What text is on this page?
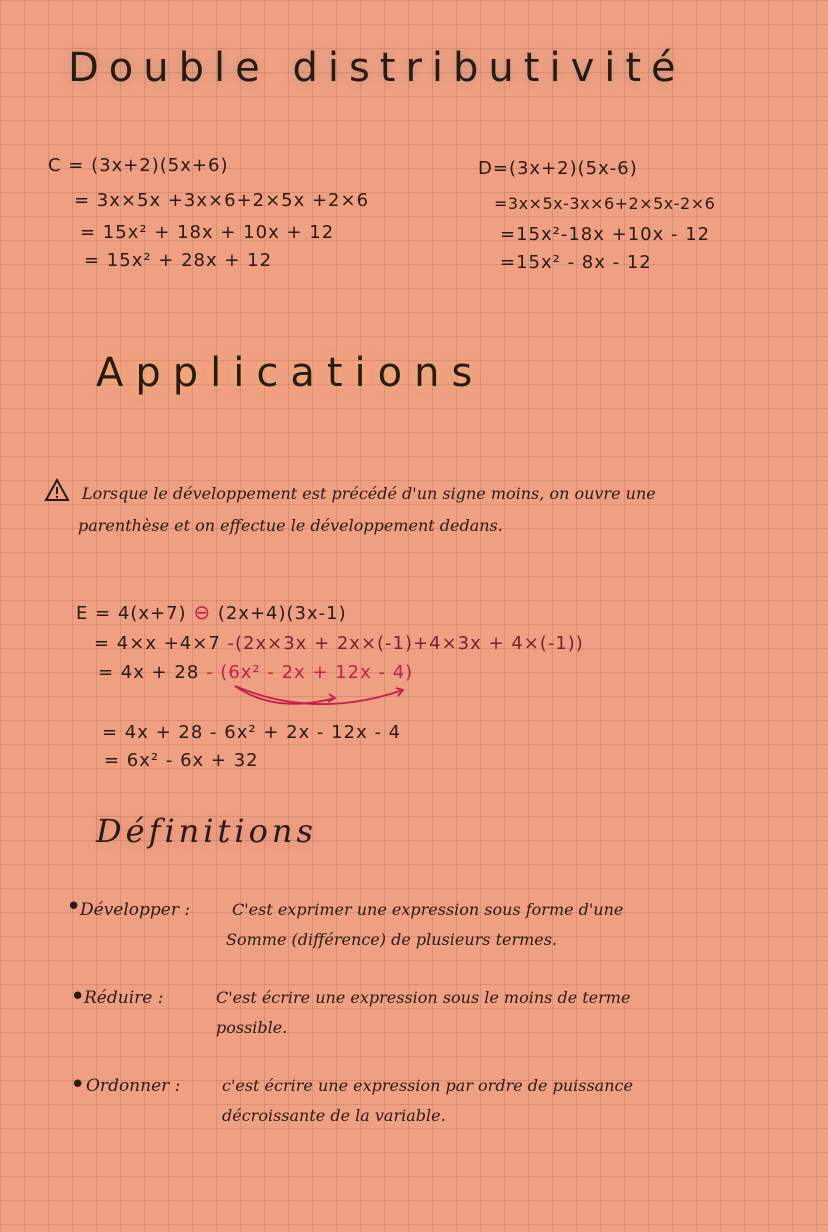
Double distributivité
C = (3x+2)(5x+6)
= 3x×5x +3x×6+2×5x +2×6
= 15x² + 18x + 10x + 12
= 15x² + 28x + 12
D=(3x+2)(5x-6)
=3x×5x-3x×6+2×5x-2×6
=15x²-18x +10x - 12
=15x² - 8x - 12
Applications
Lorsque le développement est précédé d'un signe moins, on ouvre une
parenthèse et on effectue le développement dedans.
E = 4(x+7) ⊖ (2x+4)(3x-1)
= 4×x +4×7 -(2x×3x + 2x×(-1)+4×3x + 4×(-1))
= 4x + 28 - (6x² - 2x + 12x - 4)
= 4x + 28 - 6x² + 2x - 12x - 4
= 6x² - 6x + 32
Définitions
•
Développer :	C'est exprimer une expression sous forme d'une
Somme (différence) de plusieurs termes.
•
Réduire :	C'est écrire une expression sous le moins de terme
possible.
• Ordonner :	c'est écrire une expression par ordre de puissance
décroissante de la variable.
